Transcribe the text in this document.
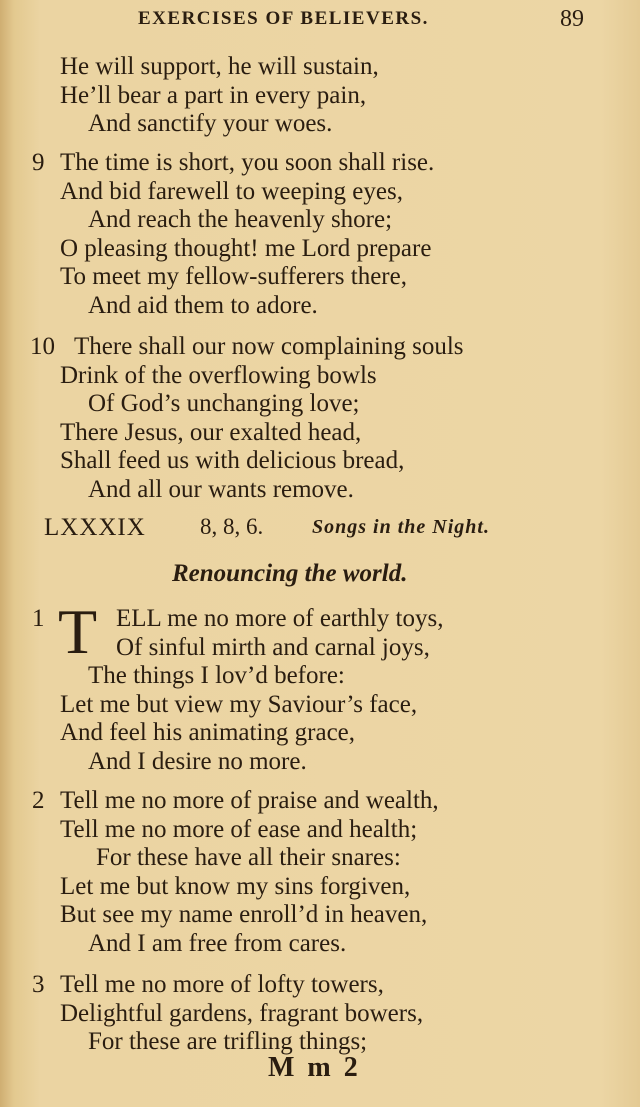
EXERCISES OF BELIEVERS.	89
He will support, he will sustain,
He’ll bear a part in every pain,
And sanctify your woes.
9 The time is short, you soon shall rise.
And bid farewell to weeping eyes,
And reach the heavenly shore;
O pleasing thought! me Lord prepare
To meet my fellow-sufferers there,
And aid them to adore.
10 There shall our now complaining souls
Drink of the overflowing bowls
Of God’s unchanging love;
There Jesus, our exalted head,
Shall feed us with delicious bread,
And all our wants remove.
1 T ELL me no more of earthly toys,
Of sinful mirth and carnal joys,
The things I lov’d before:
Let me but view my Saviour’s face,
And feel his animating grace,
And I desire no more.
2 Tell me no more of praise and wealth,
Tell me no more of ease and health;
For these have all their snares:
Let me but know my sins forgiven,
But see my name enroll’d in heaven,
And I am free from cares.
3 Tell me no more of lofty towers,
Delightful gardens, fragrant bowers,
For these are trifling things;
LXXXIX 8, 8, 6. Songs in the Night.
Renouncing the world.
M m 2
